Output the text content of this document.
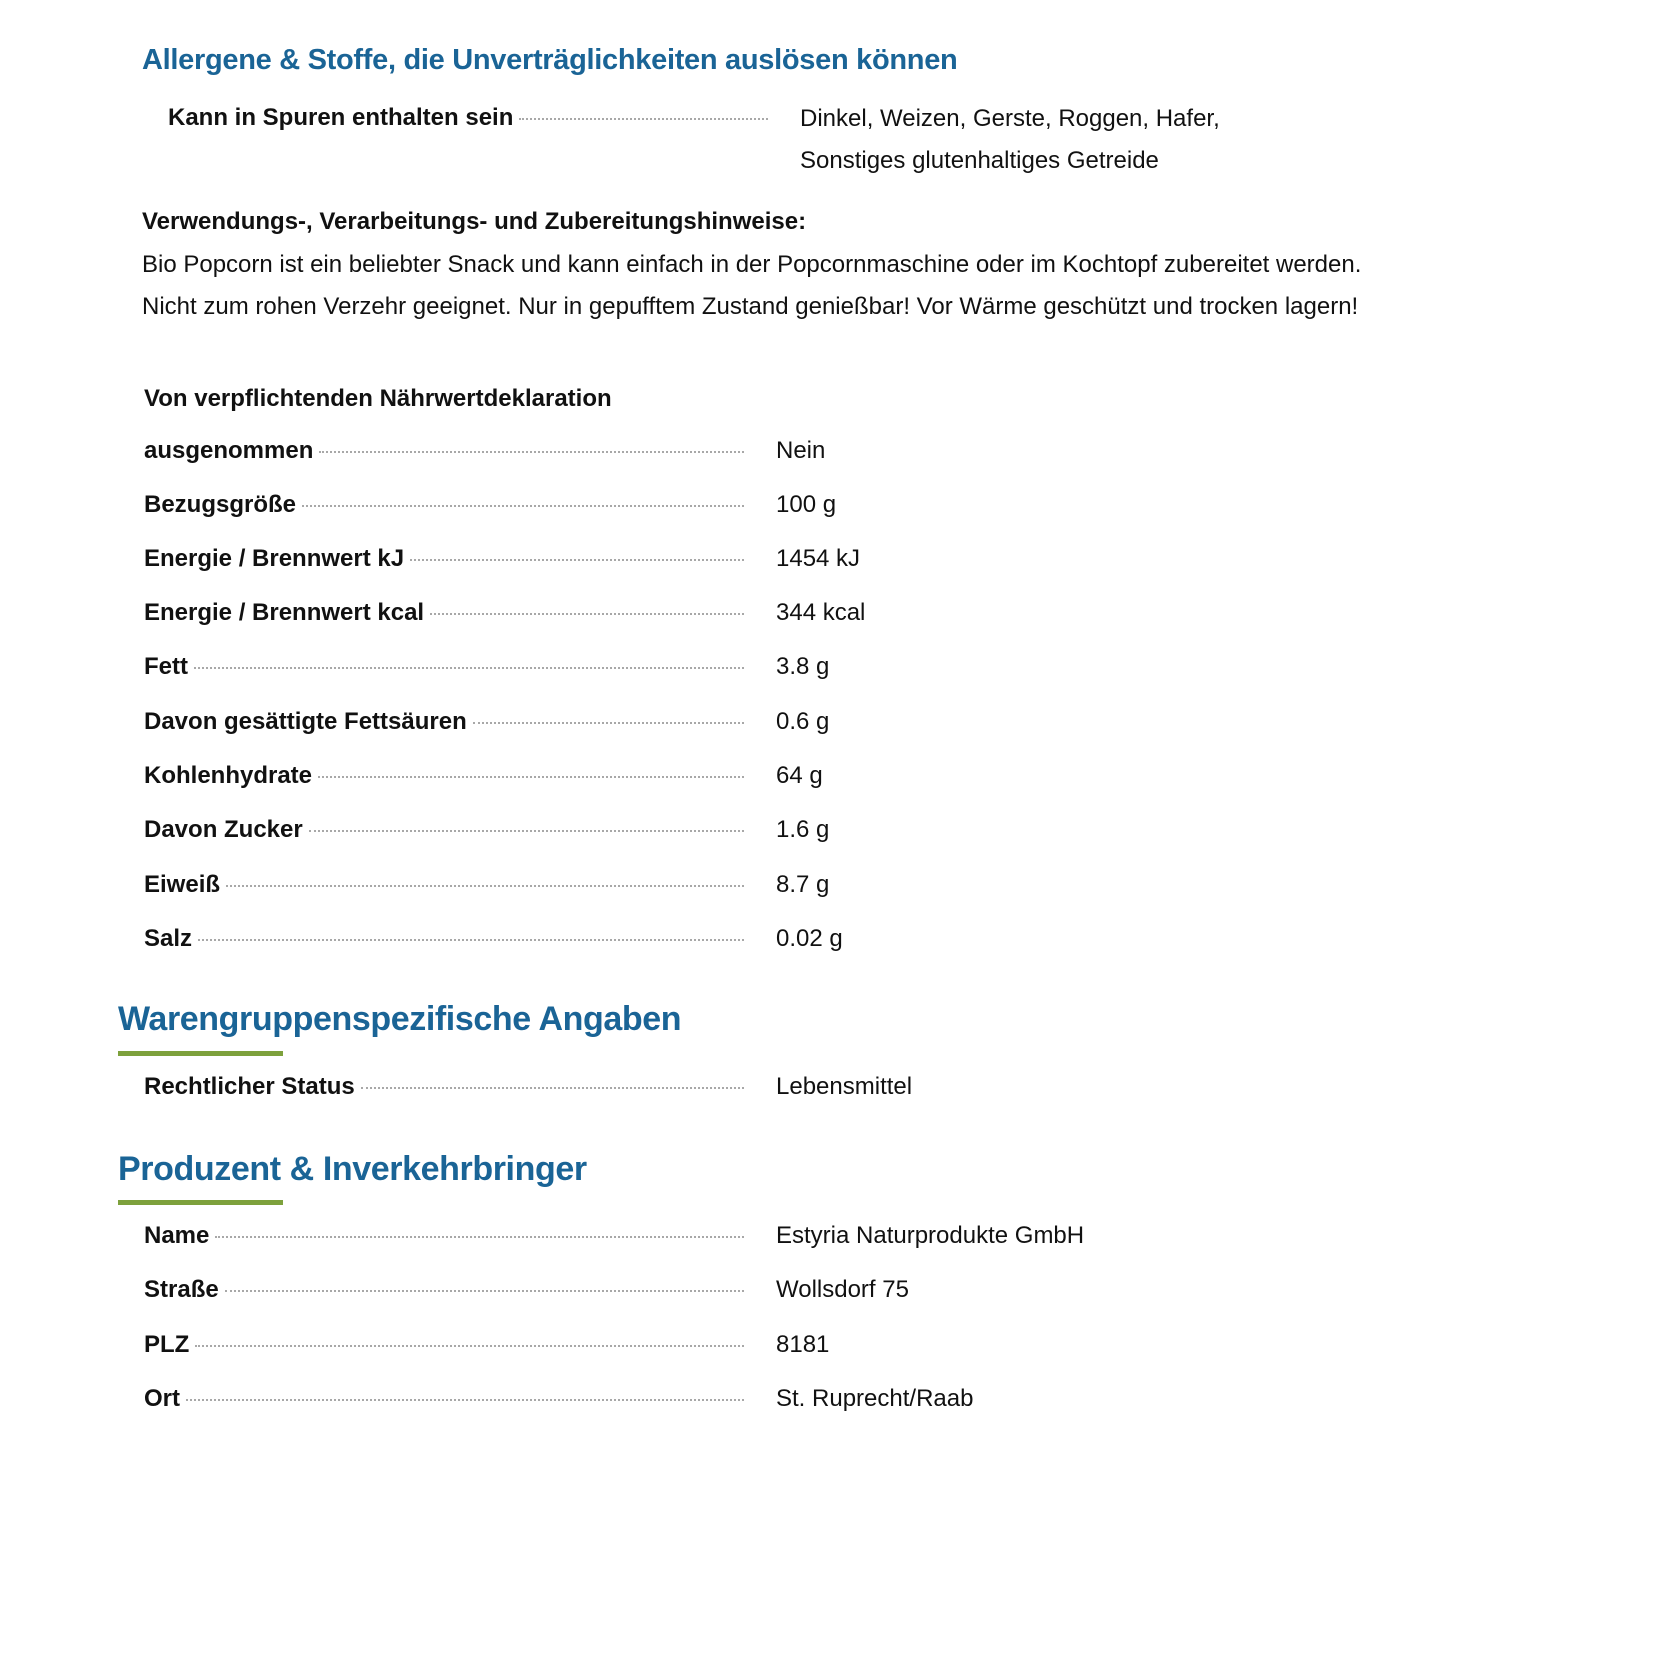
Allergene & Stoffe, die Unverträglichkeiten auslösen können
Kann in Spuren enthalten sein	Dinkel, Weizen, Gerste, Roggen, Hafer,
Sonstiges glutenhaltiges Getreide
Verwendungs-, Verarbeitungs- und Zubereitungshinweise:

Bio Popcorn ist ein beliebter Snack und kann einfach in der Popcornmaschine oder im Kochtopf zubereitet werden. Nicht zum rohen Verzehr geeignet. Nur in gepufftem Zustand genießbar! Vor Wärme geschützt und trocken lagern!

Von verpflichtenden Nährwertdeklaration
ausgenommen	Nein
Bezugsgröße	100 g
Energie / Brennwert kJ	1454 kJ
Energie / Brennwert kcal	344 kcal
Fett	3.8 g
Davon gesättigte Fettsäuren	0.6 g
Kohlenhydrate	64 g
Davon Zucker	1.6 g
Eiweiß	8.7 g
Salz	0.02 g
Warengruppenspezifische Angaben
Rechtlicher Status	Lebensmittel
Produzent & Inverkehrbringer
Name	Estyria Naturprodukte GmbH
Straße	Wollsdorf 75
PLZ	8181
Ort	St. Ruprecht/Raab
